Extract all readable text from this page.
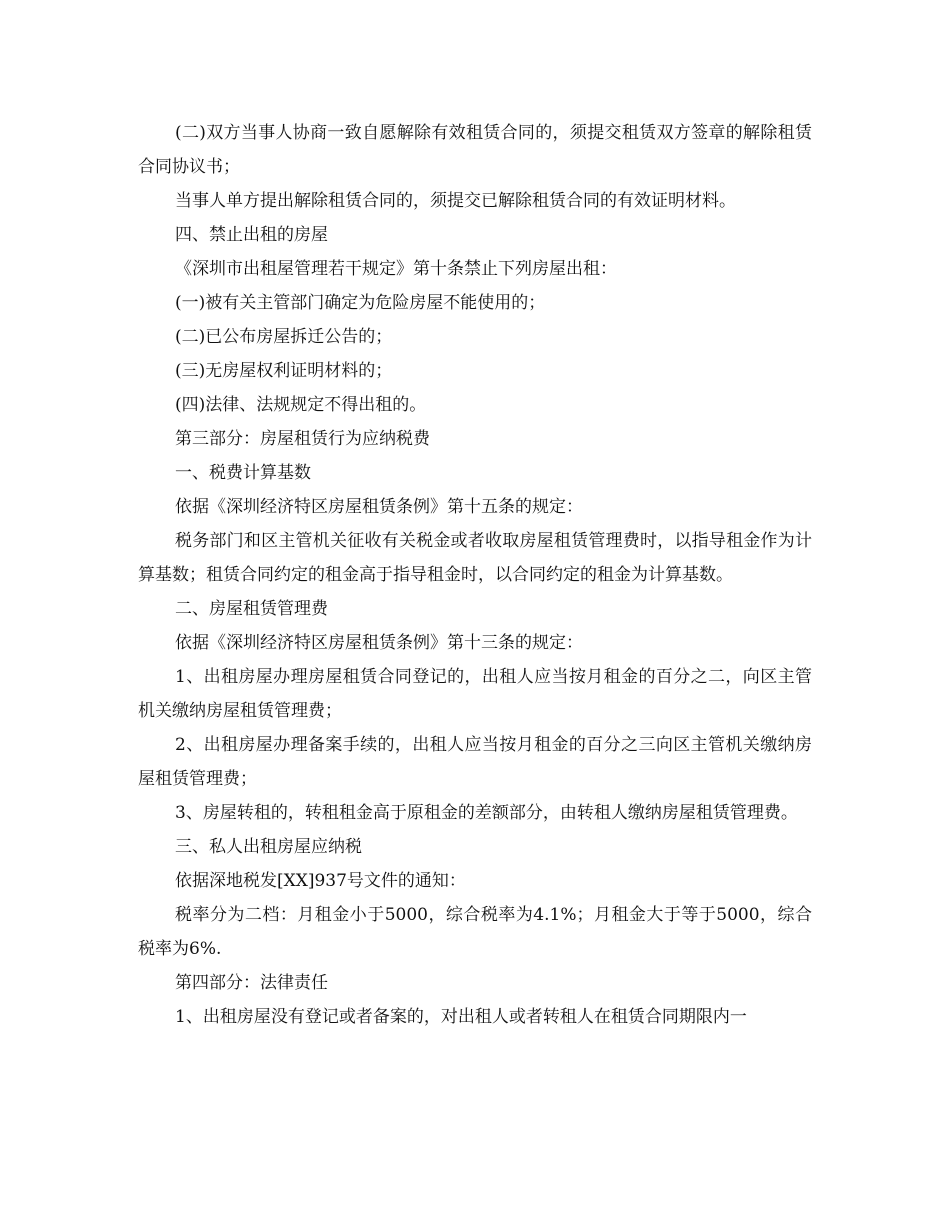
(二)双方当事人协商一致自愿解除有效租赁合同的，须提交租赁双方签章的解除租赁合同协议书；

当事人单方提出解除租赁合同的，须提交已解除租赁合同的有效证明材料。

四、禁止出租的房屋

《深圳市出租屋管理若干规定》第十条禁止下列房屋出租：

(一)被有关主管部门确定为危险房屋不能使用的；

(二)已公布房屋拆迁公告的；

(三)无房屋权利证明材料的；

(四)法律、法规规定不得出租的。

第三部分：房屋租赁行为应纳税费

一、税费计算基数

依据《深圳经济特区房屋租赁条例》第十五条的规定：

税务部门和区主管机关征收有关税金或者收取房屋租赁管理费时，以指导租金作为计算基数；租赁合同约定的租金高于指导租金时，以合同约定的租金为计算基数。

二、房屋租赁管理费

依据《深圳经济特区房屋租赁条例》第十三条的规定：

1、出租房屋办理房屋租赁合同登记的，出租人应当按月租金的百分之二，向区主管机关缴纳房屋租赁管理费；

2、出租房屋办理备案手续的，出租人应当按月租金的百分之三向区主管机关缴纳房屋租赁管理费；

3、房屋转租的，转租租金高于原租金的差额部分，由转租人缴纳房屋租赁管理费。

三、私人出租房屋应纳税

依据深地税发[XX]937号文件的通知：

税率分为二档：月租金小于5000，综合税率为4.1%；月租金大于等于5000，综合税率为6%.

第四部分：法律责任

1、出租房屋没有登记或者备案的，对出租人或者转租人在租赁合同期限内一
